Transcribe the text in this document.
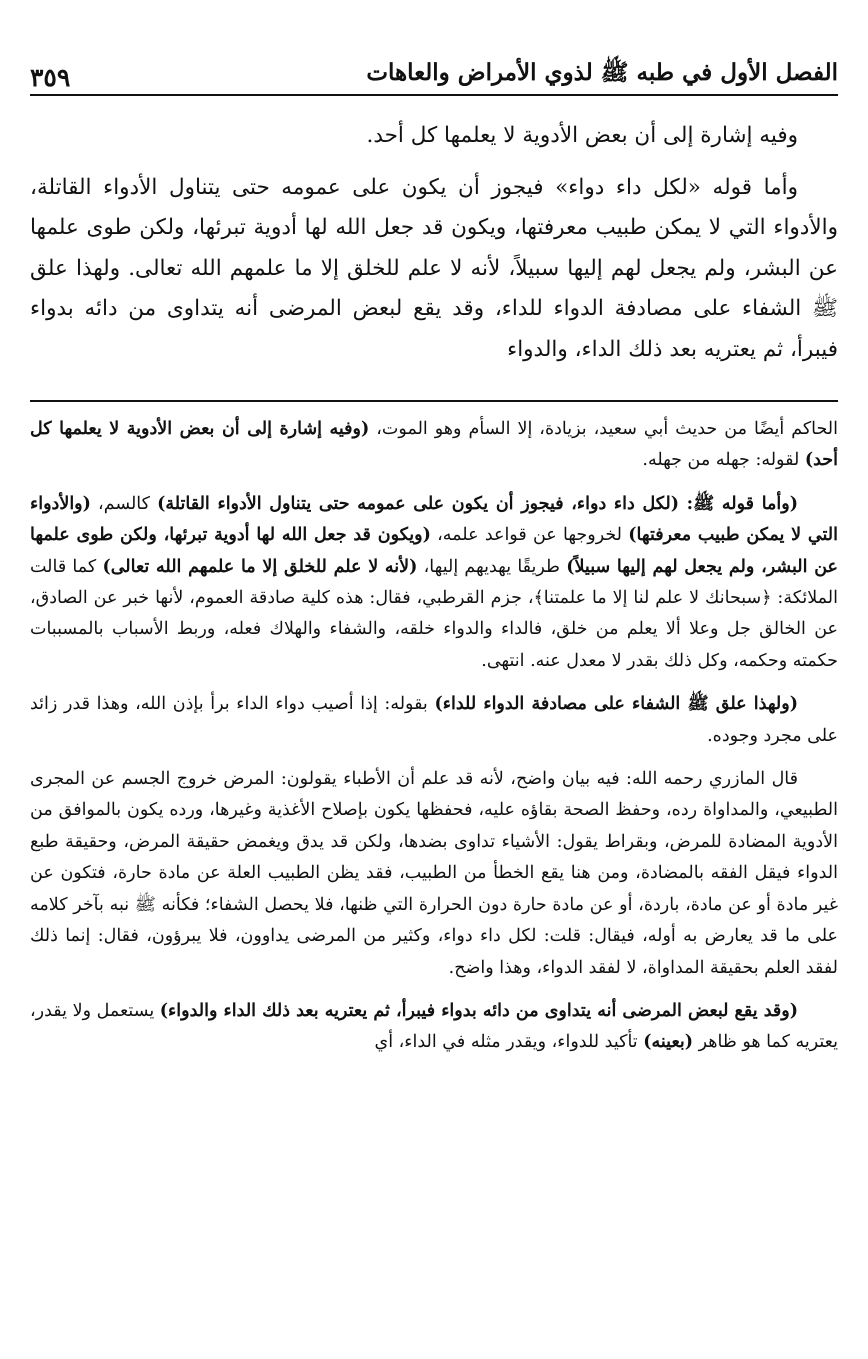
الفصل الأول في طبه ﷺ لذوي الأمراض والعاهات
٣٥٩

وفيه إشارة إلى أن بعض الأدوية لا يعلمها كل أحد.

وأما قوله «لكل داء دواء» فيجوز أن يكون على عمومه حتى يتناول الأدواء القاتلة، والأدواء التي لا يمكن طبيب معرفتها، ويكون قد جعل الله لها أدوية تبرئها، ولكن طوى علمها عن البشر، ولم يجعل لهم إليها سبيلاً، لأنه لا علم للخلق إلا ما علمهم الله تعالى. ولهذا علق ﷺ الشفاء على مصادفة الدواء للداء، وقد يقع لبعض المرضى أنه يتداوى من دائه بدواء فيبرأ، ثم يعتريه بعد ذلك الداء، والدواء

الحاكم أيضًا من حديث أبي سعيد، بزيادة، إلا السأم وهو الموت، (وفيه إشارة إلى أن بعض الأدوية لا يعلمها كل أحد) لقوله: جهله من جهله.

(وأما قوله ﷺ: (لكل داء دواء، فيجوز أن يكون على عمومه حتى يتناول الأدواء القاتلة) كالسم، (والأدواء التي لا يمكن طبيب معرفتها) لخروجها عن قواعد علمه، (ويكون قد جعل الله لها أدوية تبرئها، ولكن طوى علمها عن البشر، ولم يجعل لهم إليها سبيلاً) طريقًا يهديهم إليها، (لأنه لا علم للخلق إلا ما علمهم الله تعالى) كما قالت الملائكة: ﴿سبحانك لا علم لنا إلا ما علمتنا﴾، جزم القرطبي، فقال: هذه كلية صادقة العموم، لأنها خبر عن الصادق، عن الخالق جل وعلا ألا يعلم من خلق، فالداء والدواء خلقه، والشفاء والهلاك فعله، وربط الأسباب بالمسببات حكمته وحكمه، وكل ذلك بقدر لا معدل عنه. انتهى.

(ولهذا علق ﷺ الشفاء على مصادفة الدواء للداء) بقوله: إذا أصيب دواء الداء برأ بإذن الله، وهذا قدر زائد على مجرد وجوده.

قال المازري رحمه الله: فيه بيان واضح، لأنه قد علم أن الأطباء يقولون: المرض خروج الجسم عن المجرى الطبيعي، والمداواة رده، وحفظ الصحة بقاؤه عليه، فحفظها يكون بإصلاح الأغذية وغيرها، ورده يكون بالموافق من الأدوية المضادة للمرض، وبقراط يقول: الأشياء تداوى بضدها، ولكن قد يدق ويغمض حقيقة المرض، وحقيقة طبع الدواء فيقل الفقه بالمضادة، ومن هنا يقع الخطأ من الطبيب، فقد يظن الطبيب العلة عن مادة حارة، فتكون عن غير مادة أو عن مادة، باردة، أو عن مادة حارة دون الحرارة التي ظنها، فلا يحصل الشفاء؛ فكأنه ﷺ نبه بآخر كلامه على ما قد يعارض به أوله، فيقال: قلت: لكل داء دواء، وكثير من المرضى يداوون، فلا يبرؤون، فقال: إنما ذلك لفقد العلم بحقيقة المداواة، لا لفقد الدواء، وهذا واضح.

(وقد يقع لبعض المرضى أنه يتداوى من دائه بدواء فيبرأ، ثم يعتريه بعد ذلك الداء والدواء) يستعمل ولا يقدر، يعتريه كما هو ظاهر (بعينه) تأكيد للدواء، ويقدر مثله في الداء، أي
